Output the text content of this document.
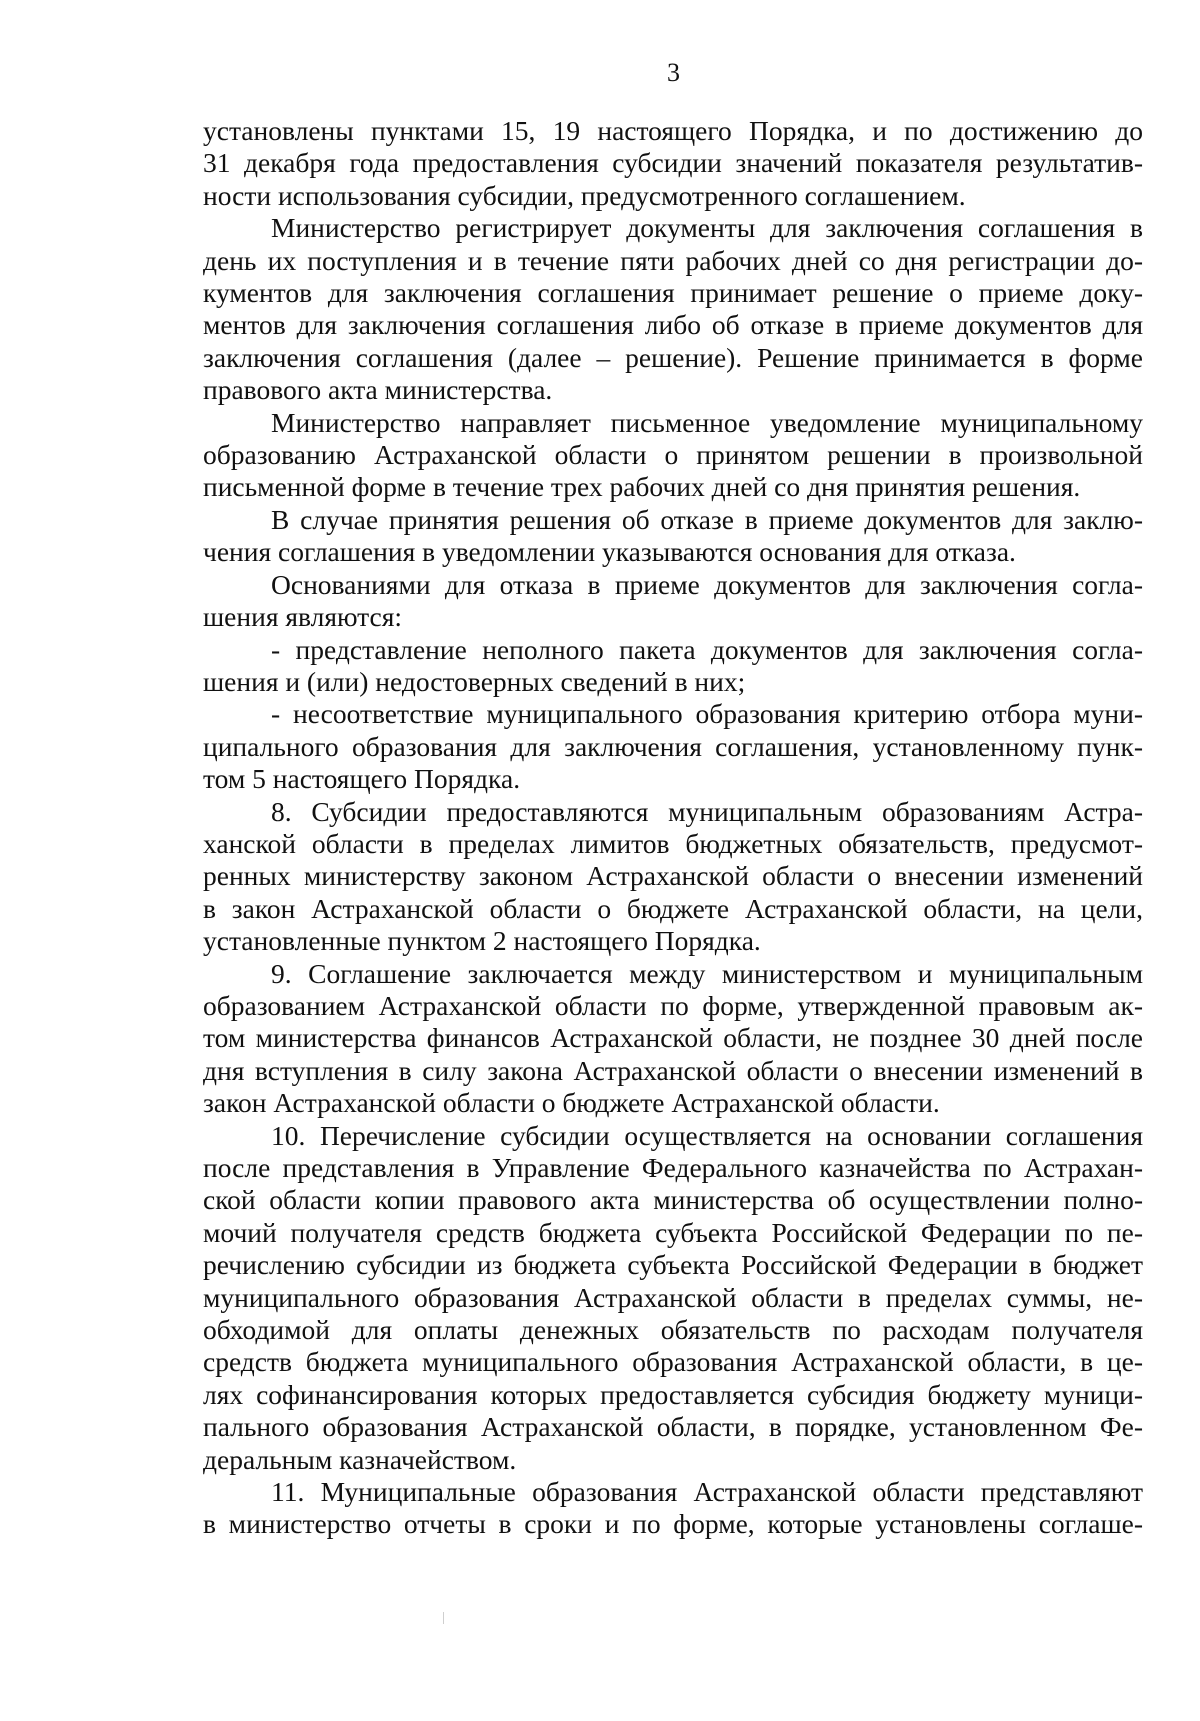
3
установлены пунктами 15, 19 настоящего Порядка, и по достижению до
31 декабря года предоставления субсидии значений показателя результатив-
ности использования субсидии, предусмотренного соглашением.
Министерство регистрирует документы для заключения соглашения в
день их поступления и в течение пяти рабочих дней со дня регистрации до-
кументов для заключения соглашения принимает решение о приеме доку-
ментов для заключения соглашения либо об отказе в приеме документов для
заключения соглашения (далее – решение). Решение принимается в форме
правового акта министерства.
Министерство направляет письменное уведомление муниципальному
образованию Астраханской области о принятом решении в произвольной
письменной форме в течение трех рабочих дней со дня принятия решения.
В случае принятия решения об отказе в приеме документов для заклю-
чения соглашения в уведомлении указываются основания для отказа.
Основаниями для отказа в приеме документов для заключения согла-
шения являются:
- представление неполного пакета документов для заключения согла-
шения и (или) недостоверных сведений в них;
- несоответствие муниципального образования критерию отбора муни-
ципального образования для заключения соглашения, установленному пунк-
том 5 настоящего Порядка.
8. Субсидии предоставляются муниципальным образованиям Астра-
ханской области в пределах лимитов бюджетных обязательств, предусмот-
ренных министерству законом Астраханской области о внесении изменений
в закон Астраханской области о бюджете Астраханской области, на цели,
установленные пунктом 2 настоящего Порядка.
9. Соглашение заключается между министерством и муниципальным
образованием Астраханской области по форме, утвержденной правовым ак-
том министерства финансов Астраханской области, не позднее 30 дней после
дня вступления в силу закона Астраханской области о внесении изменений в
закон Астраханской области о бюджете Астраханской области.
10. Перечисление субсидии осуществляется на основании соглашения
после представления в Управление Федерального казначейства по Астрахан-
ской области копии правового акта министерства об осуществлении полно-
мочий получателя средств бюджета субъекта Российской Федерации по пе-
речислению субсидии из бюджета субъекта Российской Федерации в бюджет
муниципального образования Астраханской области в пределах суммы, не-
обходимой для оплаты денежных обязательств по расходам получателя
средств бюджета муниципального образования Астраханской области, в це-
лях софинансирования которых предоставляется субсидия бюджету муници-
пального образования Астраханской области, в порядке, установленном Фе-
деральным казначейством.
11. Муниципальные образования Астраханской области представляют
в министерство отчеты в сроки и по форме, которые установлены соглаше-
